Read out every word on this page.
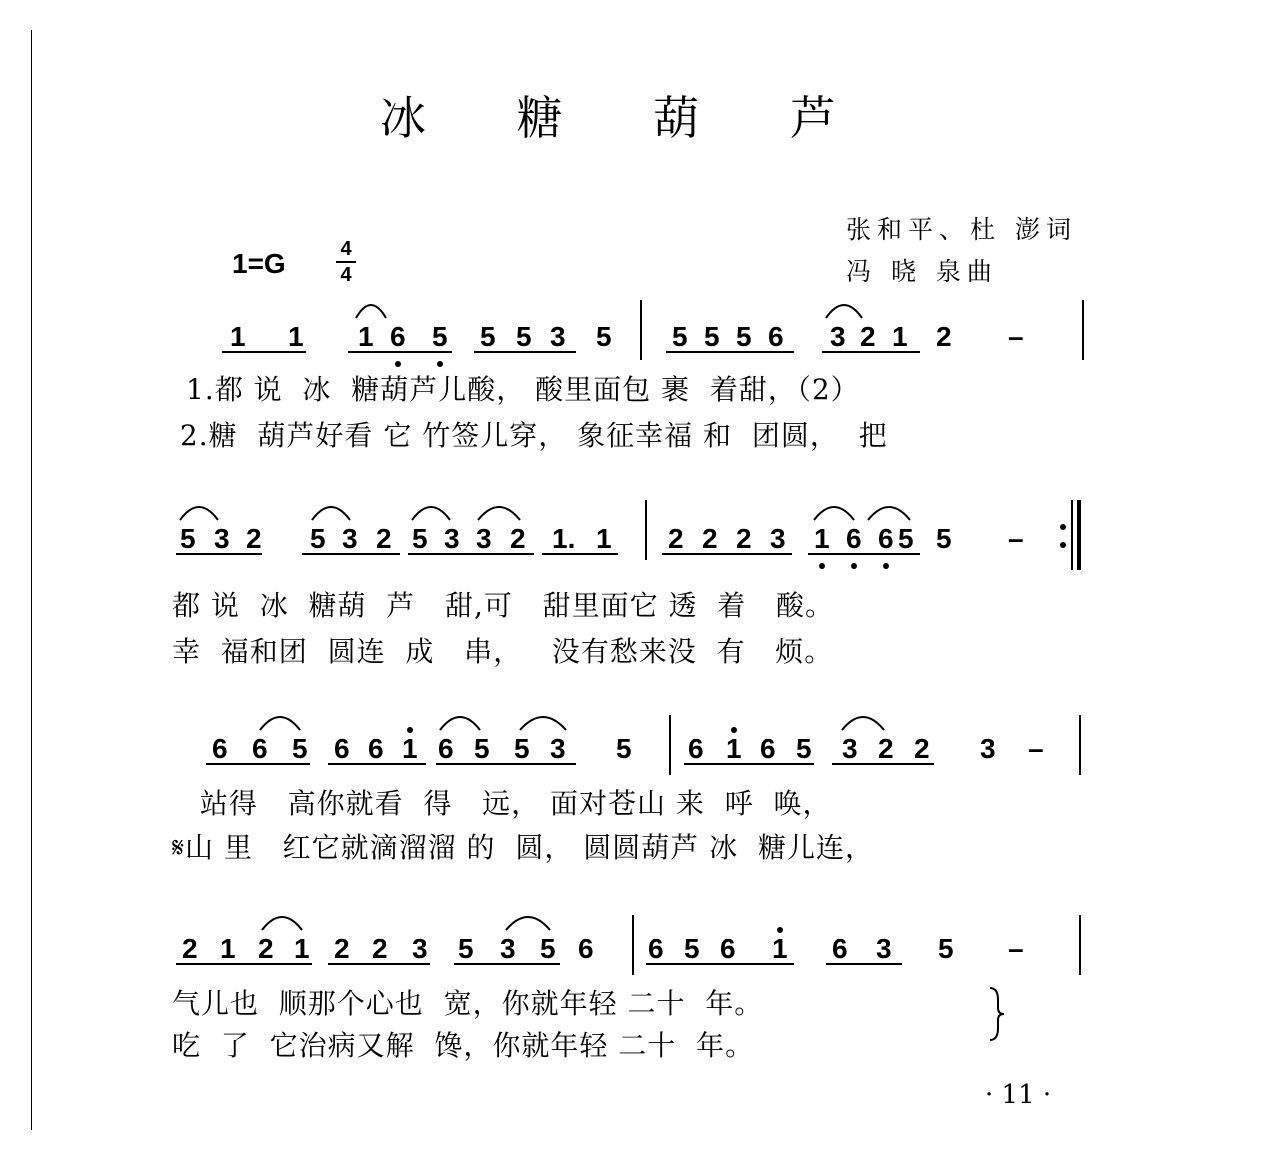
冰 糖 葫 芦
张和平、杜 澎词
冯 晓 泉曲
1=G	4
4
1 1 1 6 5 5 5 3 5 5 5 5 6 3 2 1 2 –
5 3 2 5 3 2 5 3 3 2 1. 1 2 2 2 3 1 6 6 5 5 –
6 6 5 6 6 1 6 5 5 3 5 6 1 6 5 3 2 2 3 –
2 1 2 1 2 2 3 5 3 5 6 6 5 6 1 6 3 5 –
1.都 说  冰  糖葫芦儿酸， 酸里面包 裹  着甜，（2）
2.糖  葫芦好看 它 竹签儿穿， 象征幸福 和  团圆，  把
都 说  冰  糖葫  芦   甜,可   甜里面它 透  着   酸。
幸  福和团  圆连  成   串，   没有愁来没  有   烦。
站得   高你就看  得   远， 面对苍山 来  呼  唤，
𝄋山 里   红它就滴溜溜 的  圆， 圆圆葫芦 冰  糖儿连，
气儿也  顺那个心也  宽，你就年轻 二十  年。
吃  了  它治病又解  馋，你就年轻 二十  年。
· 11 ·
